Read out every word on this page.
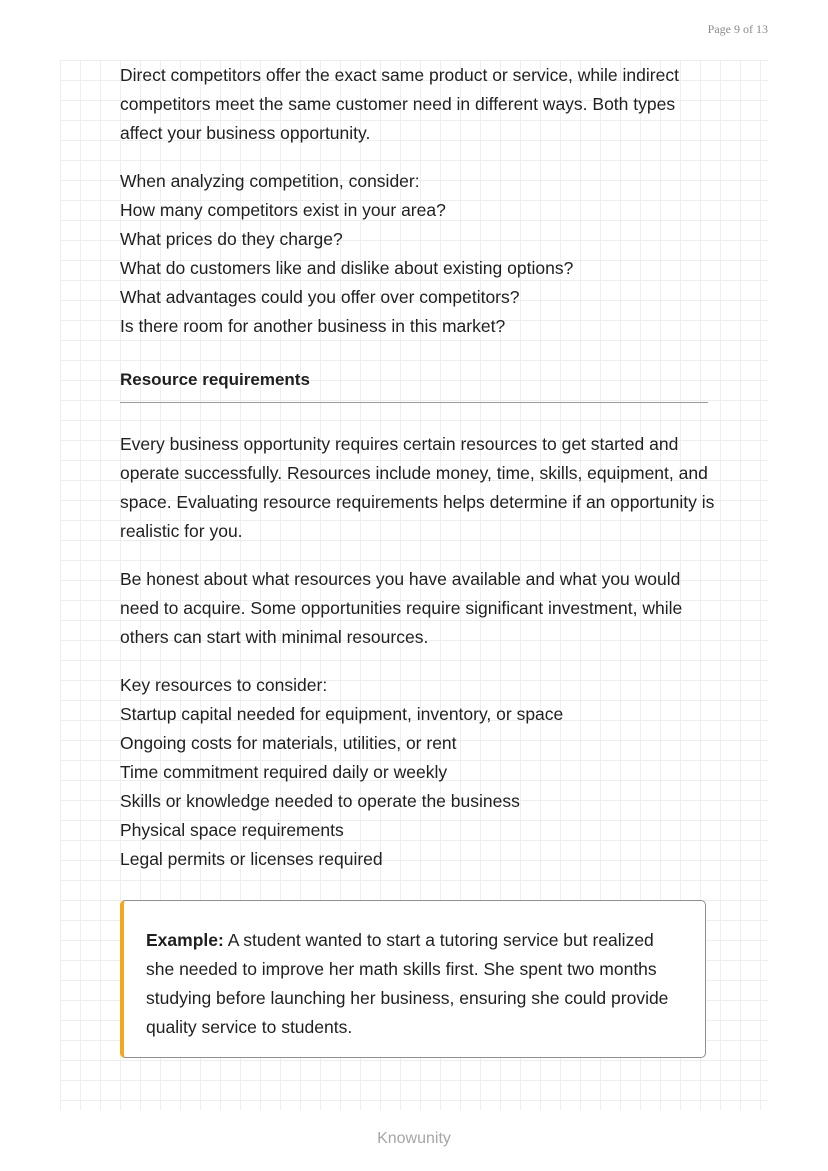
Page 9 of 13

Direct competitors offer the exact same product or service, while indirect competitors meet the same customer need in different ways. Both types affect your business opportunity.

When analyzing competition, consider:
How many competitors exist in your area?
What prices do they charge?
What do customers like and dislike about existing options?
What advantages could you offer over competitors?
Is there room for another business in this market?

Resource requirements

Every business opportunity requires certain resources to get started and operate successfully. Resources include money, time, skills, equipment, and space. Evaluating resource requirements helps determine if an opportunity is realistic for you.

Be honest about what resources you have available and what you would need to acquire. Some opportunities require significant investment, while others can start with minimal resources.

Key resources to consider:
Startup capital needed for equipment, inventory, or space
Ongoing costs for materials, utilities, or rent
Time commitment required daily or weekly
Skills or knowledge needed to operate the business
Physical space requirements
Legal permits or licenses required
Example: A student wanted to start a tutoring service but realized she needed to improve her math skills first. She spent two months studying before launching her business, ensuring she could provide quality service to students.
Knowunity
